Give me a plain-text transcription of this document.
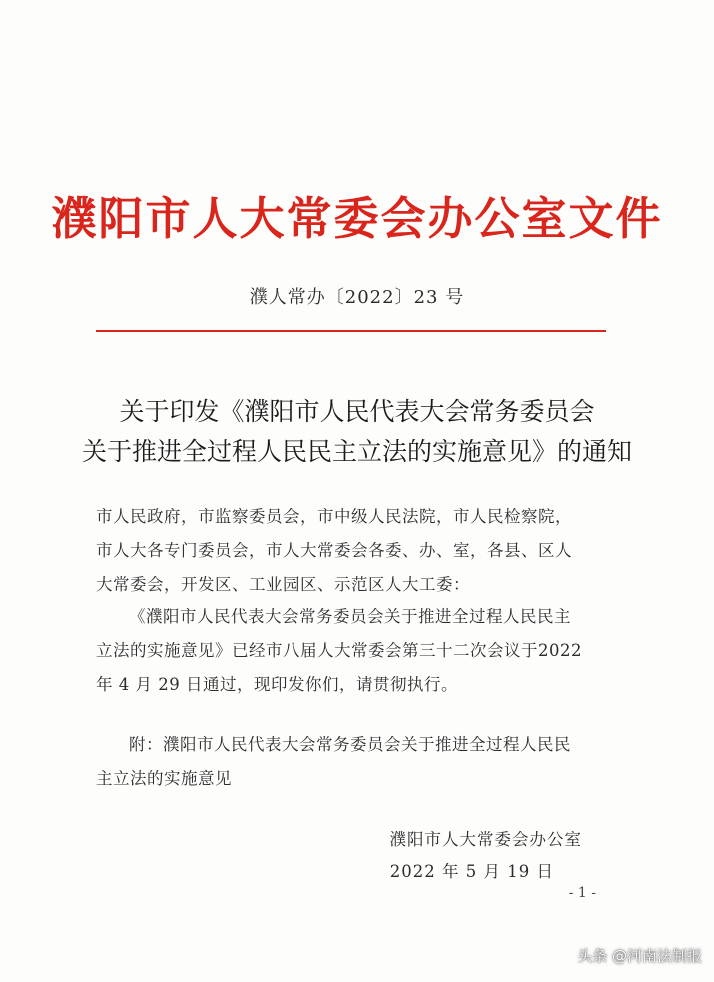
濮阳市人大常委会办公室文件
濮人常办〔2022〕23 号
关于印发《濮阳市人民代表大会常务委员会
关于推进全过程人民民主立法的实施意见》的通知
市人民政府，市监察委员会，市中级人民法院，市人民检察院，
市人大各专门委员会，市人大常委会各委、办、室，各县、区人
大常委会，开发区、工业园区、示范区人大工委：
《濮阳市人民代表大会常务委员会关于推进全过程人民民主
立法的实施意见》已经市八届人大常委会第三十二次会议于2022
年 4 月 29 日通过，现印发你们，请贯彻执行。
附：濮阳市人民代表大会常务委员会关于推进全过程人民民
主立法的实施意见
濮阳市人大常委会办公室
2022 年 5 月 19 日
- 1 -
头条 @河南法制报
